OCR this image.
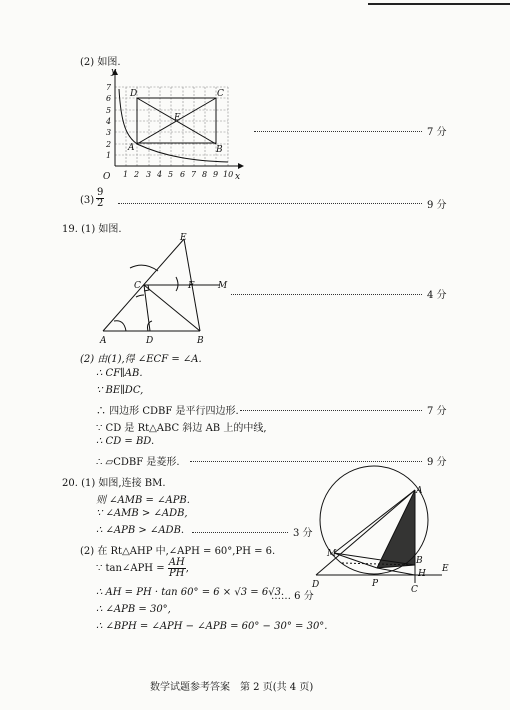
(2) 如图.
y
x
O
D	C
E
A	B
1
2
3
4
5
6
7
1 2 3 4 5 6 7 8 9 10
7 分
$(3) \frac{9}{2}$	9 分
19. (1) 如图.
E
F	M
C
A	D	B
4 分
(2) 由(1),得 ∠ECF = ∠A.
∴ CF∥AB.
∵ BE∥DC,
∴ 四边形 CDBF 是平行四边形.	7 分
∵ CD 是 Rt△ABC 斜边 AB 上的中线,
∴ CD = BD.
∴ ▱CDBF 是菱形.	9 分
20. (1) 如图,连接 BM.
则 ∠AMB = ∠APB.
∵ ∠AMB > ∠ADB,
∴ ∠APB > ∠ADB.	3 分
(2) 在 Rt△AHP 中,∠APH = 60°,PH = 6.
∵ tan∠APH = $\frac{AH}{PH}$ ,
∴ AH = PH · tan 60° = 6 × √3 = 6√3.
…… 6 分
∴ ∠APB = 30°,
∴ ∠BPH = ∠APH − ∠APB = 60° − 30° = 30°.
A
B
H E
C
D	P
M
数学试题参考答案　第 2 页(共 4 页)
